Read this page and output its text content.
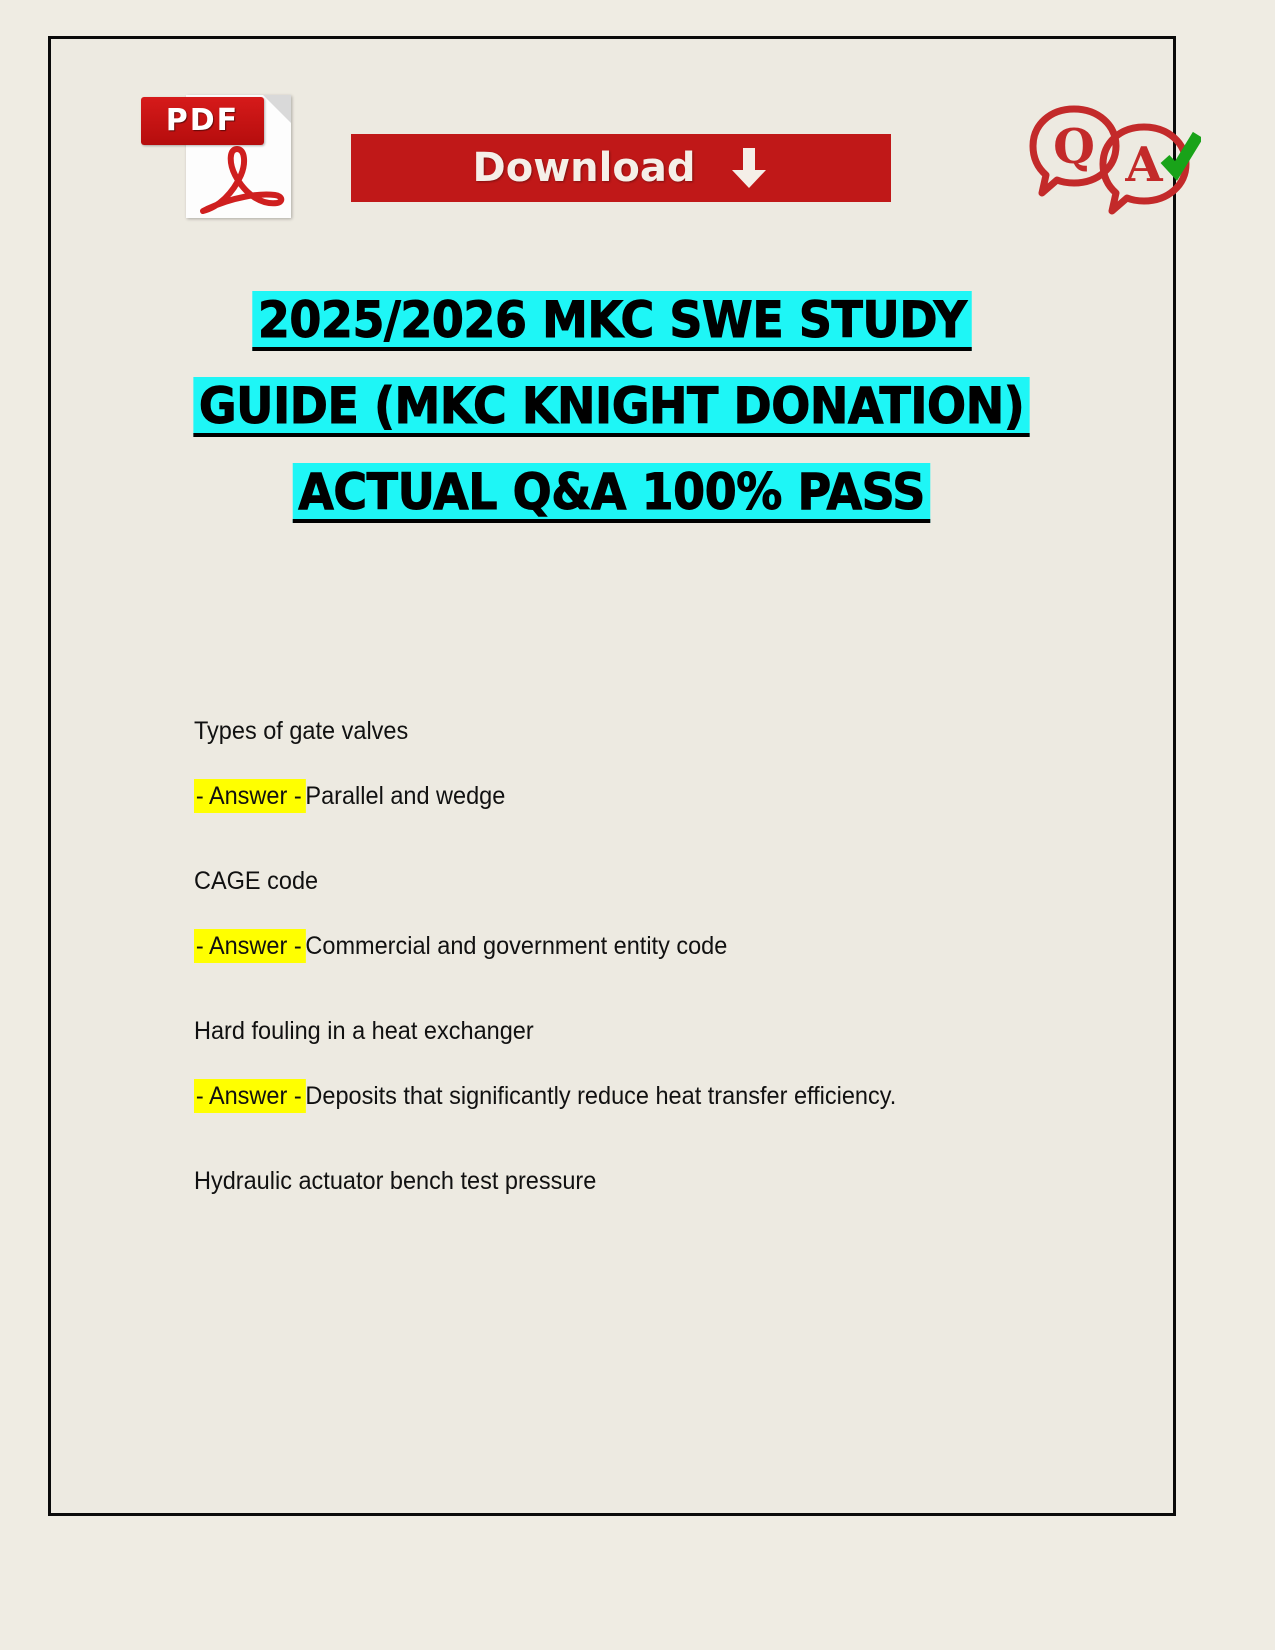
PDF
Download	Q A
2025/2026 MKC SWE STUDY
GUIDE (MKC KNIGHT DONATION)
ACTUAL Q&A 100% PASS
Types of gate valves
- Answer - Parallel and wedge
CAGE code
- Answer - Commercial and government entity code
Hard fouling in a heat exchanger
- Answer - Deposits that significantly reduce heat transfer efficiency.
Hydraulic actuator bench test pressure
